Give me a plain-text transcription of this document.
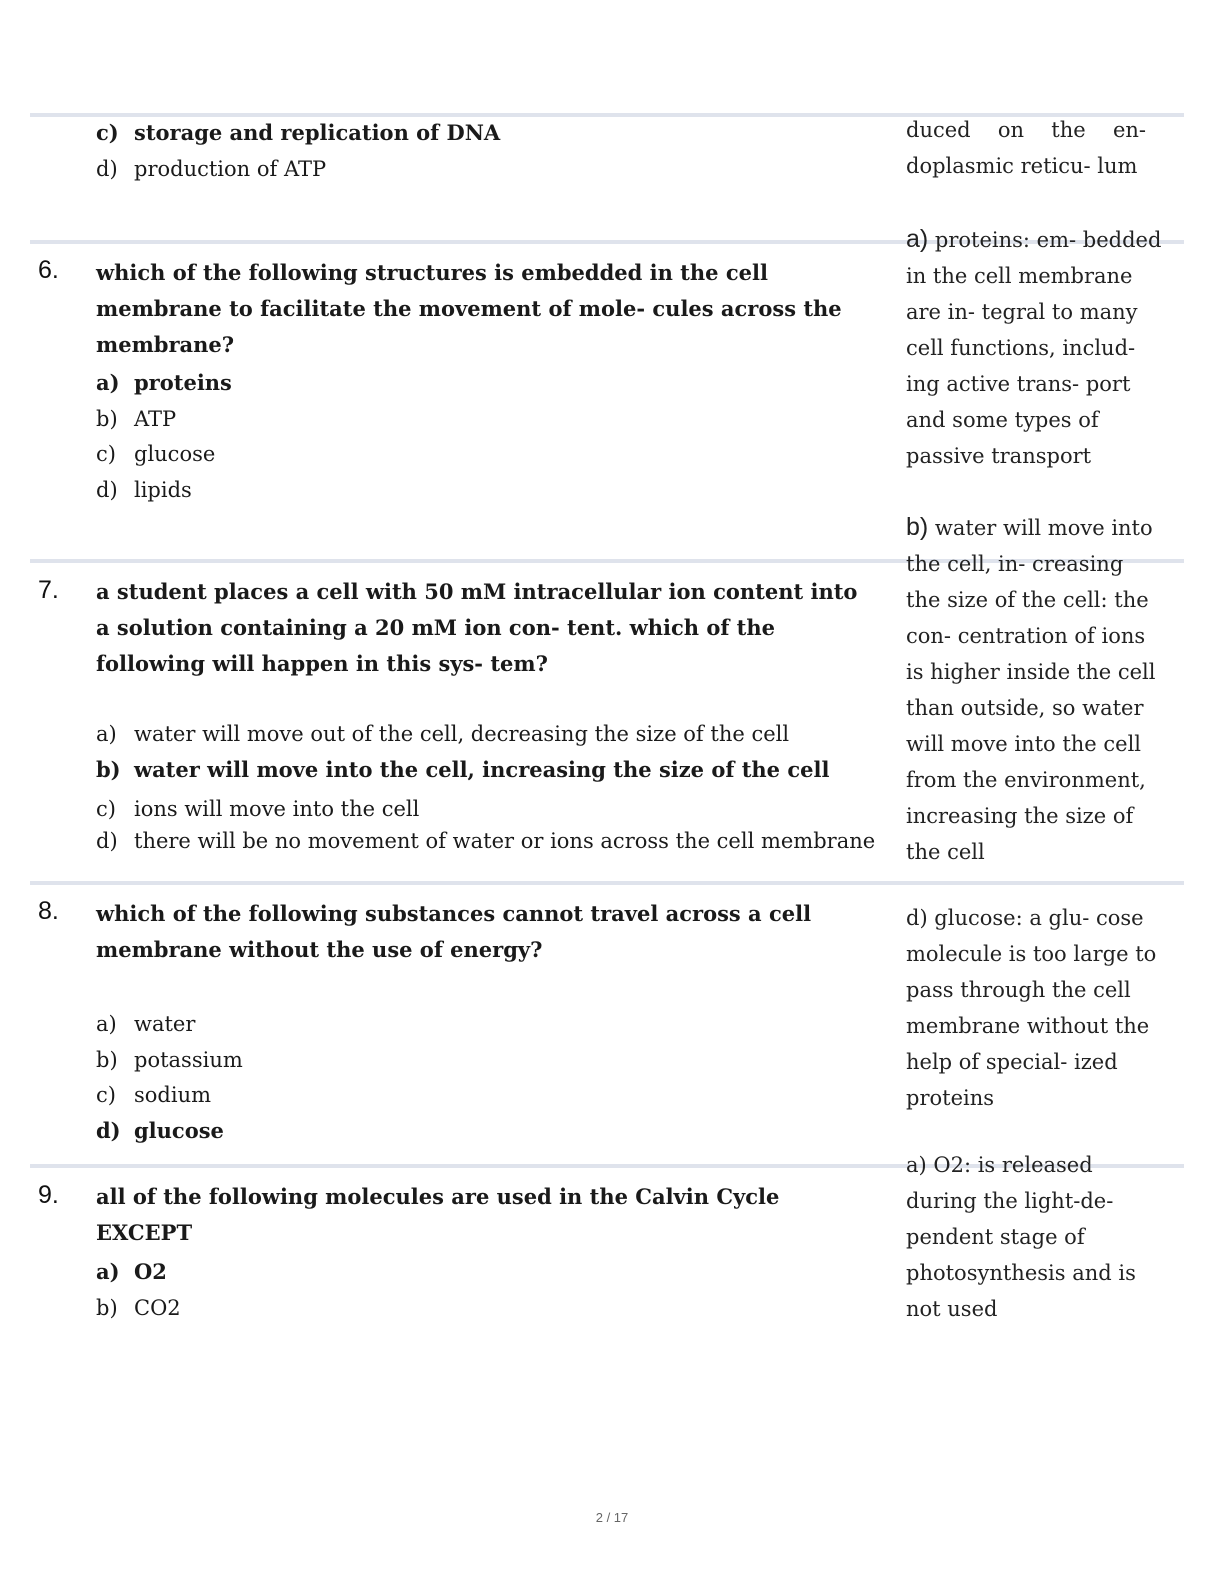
c) storage and replication of DNA
d) production of ATP
duced on the en- doplasmic reticu- lum
6. which of the following structures is embedded in the cell membrane to facilitate the movement of mole- cules across the membrane?
a) proteins
b) ATP
c) glucose
d) lipids
a) proteins: em- bedded in the cell membrane are in- tegral to many cell functions, includ- ing active trans- port and some types of passive transport
7. a student places a cell with 50 mM intracellular ion content into a solution containing a 20 mM ion con- tent. which of the following will happen in this sys- tem?
a) water will move out of the cell, decreasing the size of the cell
b) water will move into the cell, increasing the size of the cell
c) ions will move into the cell
d) there will be no movement of water or ions across the cell membrane
b) water will move into the cell, in- creasing the size of the cell: the con- centration of ions is higher inside the cell than outside, so water will move into the cell from the environment, increasing the size of the cell
8. which of the following substances cannot travel across a cell membrane without the use of energy?
a) water
b) potassium
c) sodium
d) glucose
d) glucose: a glu- cose molecule is too large to pass through the cell membrane without the help of special- ized proteins
9. all of the following molecules are used in the Calvin Cycle EXCEPT
a) O2
b) CO2
a) O2: is released during the light-de- pendent stage of photosynthesis and is not used
2 / 17
